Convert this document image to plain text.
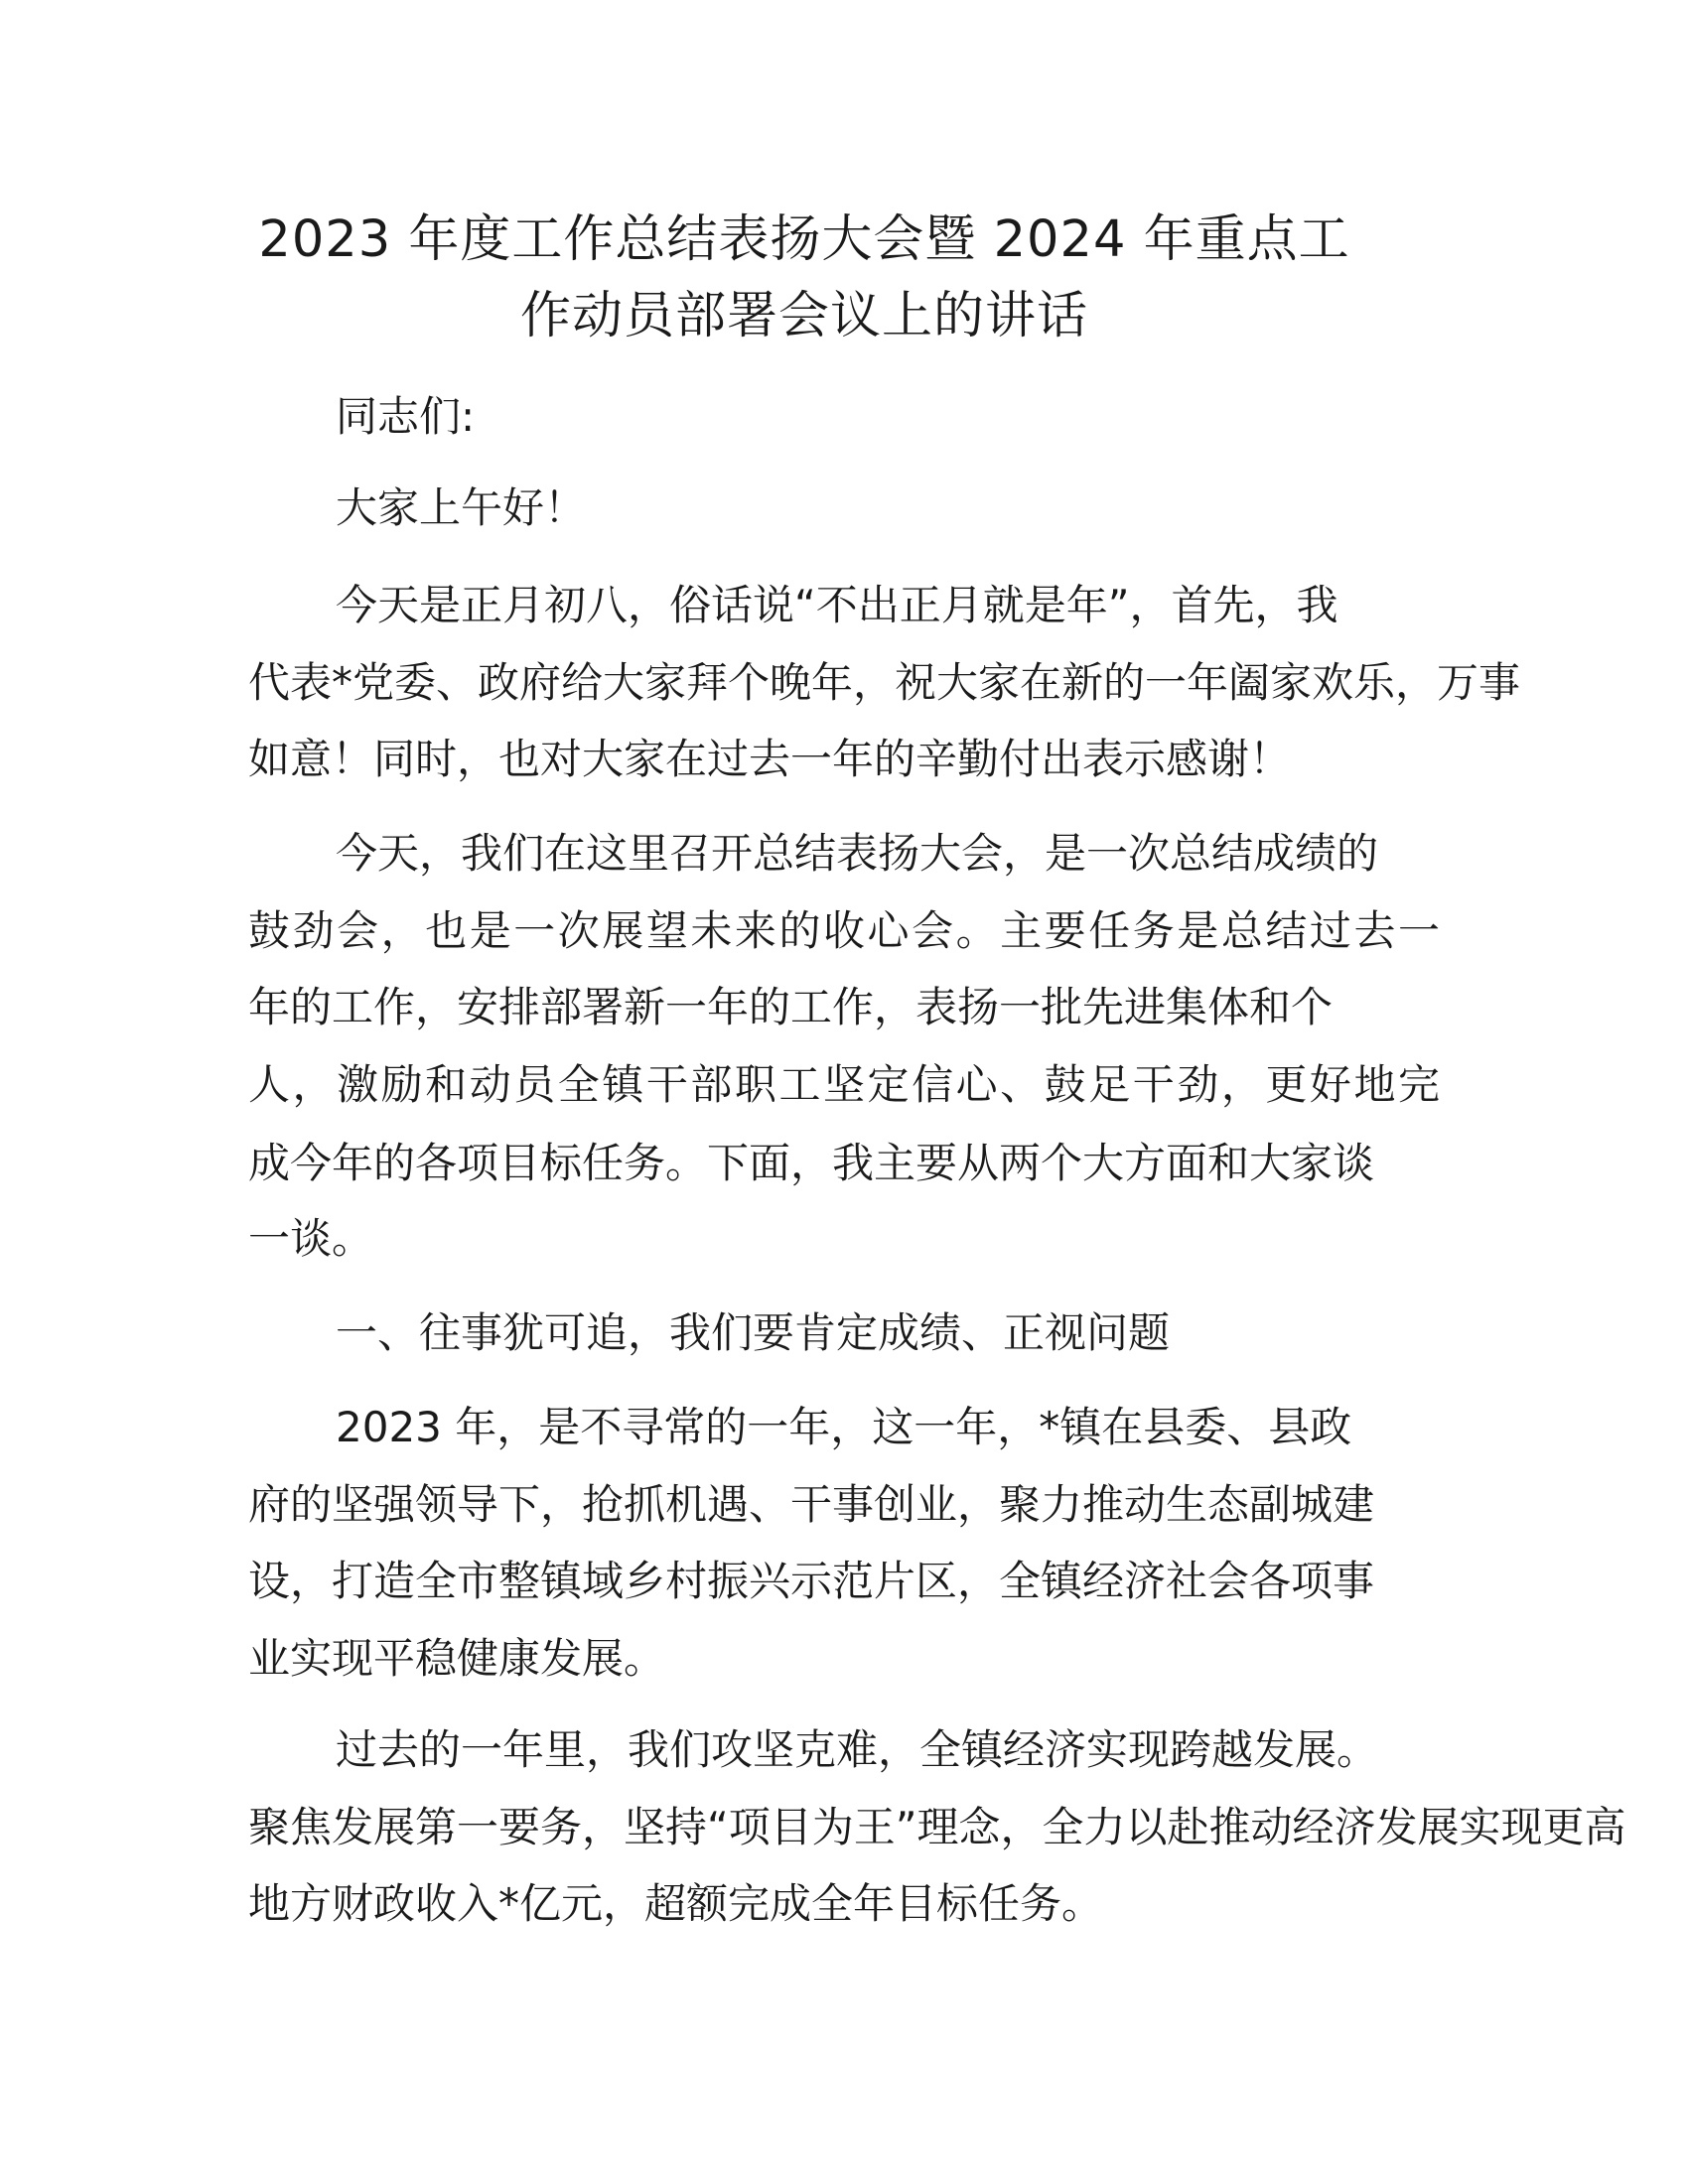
2023 年度工作总结表扬大会暨 2024 年重点工
作动员部署会议上的讲话

同志们:

大家上午好！

今天是正月初八，俗话说“不出正月就是年”，首先，我

代表*党委、政府给大家拜个晚年，祝大家在新的一年阖家欢乐，万事

如意！同时，也对大家在过去一年的辛勤付出表示感谢！

今天，我们在这里召开总结表扬大会，是一次总结成绩的

鼓劲会，也是一次展望未来的收心会。主要任务是总结过去一

年的工作，安排部署新一年的工作，表扬一批先进集体和个

人，激励和动员全镇干部职工坚定信心、鼓足干劲，更好地完

成今年的各项目标任务。下面，我主要从两个大方面和大家谈

一谈。

一、往事犹可追，我们要肯定成绩、正视问题

2023 年，是不寻常的一年，这一年，*镇在县委、县政

府的坚强领导下，抢抓机遇、干事创业，聚力推动生态副城建

设，打造全市整镇域乡村振兴示范片区，全镇经济社会各项事

业实现平稳健康发展。

过去的一年里，我们攻坚克难，全镇经济实现跨越发展。

聚焦发展第一要务，坚持“项目为王”理念，全力以赴推动经济发展实现更高

地方财政收入*亿元，超额完成全年目标任务。
